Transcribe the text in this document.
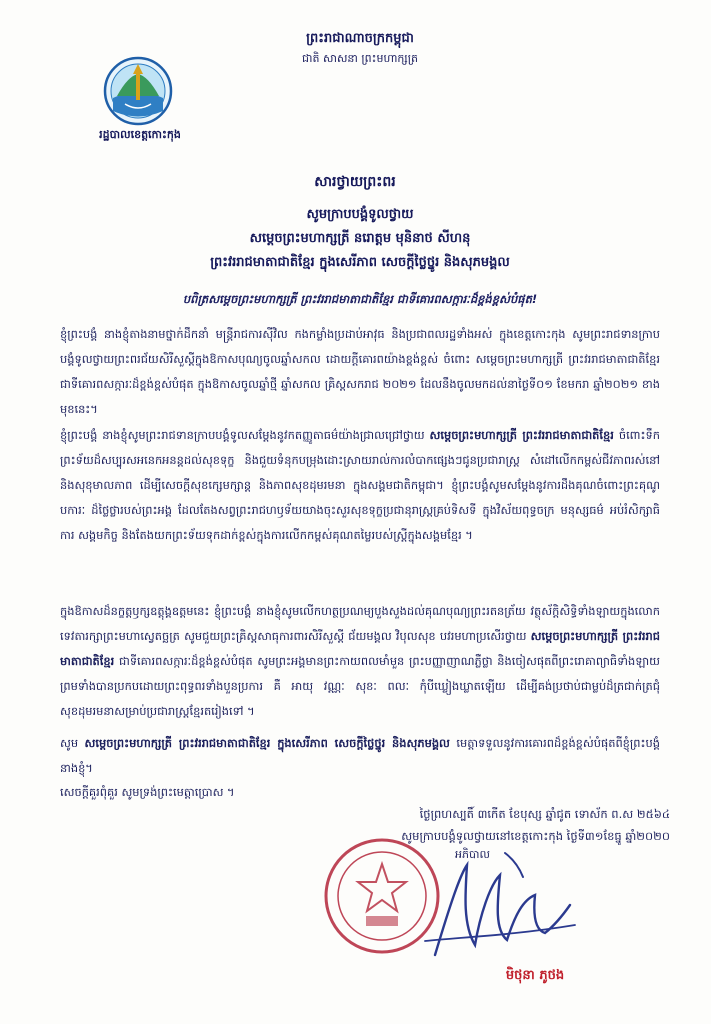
ព្រះរាជាណាចក្រកម្ពុជា
ជាតិ សាសនា ព្រះមហាក្សត្រ
រដ្ឋបាលខេត្តកោះកុង
សារថ្វាយព្រះពរ
សូមក្រាបបង្គំទូលថ្វាយ
សម្តេចព្រះមហាក្សត្រី នរោត្តម មុនិនាថ សីហនុ
ព្រះវររាជមាតាជាតិខ្មែរ ក្នុងសេរីភាព សេចក្តីថ្លៃថ្នូរ និងសុភមង្គល
បពិត្រសម្តេចព្រះមហាក្សត្រី ព្រះវររាជមាតាជាតិខ្មែរ ជាទីគោរពសក្ការៈដ៏ខ្ពង់ខ្ពស់បំផុត!
ខ្ញុំព្រះបង្គំ នាងខ្ញុំតាងនាមថ្នាក់ដឹកនាំ មន្ត្រីរាជការស៊ីវិល កងកម្លាំងប្រដាប់អាវុធ និងប្រជាពលរដ្ឋទាំងអស់ ក្នុងខេត្តកោះកុង សូមព្រះរាជទានក្រាបបង្គំទូលថ្វាយព្រះពរជ័យសិរីសួស្តីក្នុងឱកាសបុណ្យចូលឆ្នាំសកល ដោយក្ដីគោរពយ៉ាងខ្ពង់ខ្ពស់ ចំពោះ សម្តេចព្រះមហាក្សត្រី ព្រះវររាជមាតាជាតិខ្មែរ ជាទីគោរពសក្ការៈដ៏ខ្ពង់ខ្ពស់បំផុត ក្នុងឱកាសចូលឆ្នាំថ្មី ឆ្នាំសកល គ្រិស្តសករាជ ២០២១ ដែលនឹងចូលមកដល់នាថ្ងៃទី០១ ខែមករា ឆ្នាំ២០២១ ខាងមុខនេះ។
ខ្ញុំព្រះបង្គំ នាងខ្ញុំសូមព្រះរាជទានក្រាបបង្គំទូលសម្តែងនូវកតញ្ញូតាធម៌យ៉ាងជ្រាលជ្រៅថ្វាយ សម្តេចព្រះមហាក្សត្រី ព្រះវររាជមាតាជាតិខ្មែរ ចំពោះទឹកព្រះទ័យដ៏សប្បុរសអនេកអនន្តដល់សុខទុក្ខ និងជួយទំនុកបម្រុងដោះស្រាយរាល់ការលំបាកផ្សេងៗជូនប្រជារាស្ត្រ សំដៅលើកកម្ពស់ជីវភាពរស់នៅ និងសុខុមាលភាព ដើម្បីសេចក្តីសុខក្សេមក្សាន្ត និងភាពសុខដុមរមនា ក្នុងសង្គមជាតិកម្ពុជា។ ខ្ញុំព្រះបង្គំសូមសម្តែងនូវការដឹងគុណចំពោះព្រះគុណូបការៈ ដ៏ថ្លៃថ្លារបស់ព្រះអង្គ ដែលតែងសព្វព្រះរាជហឫទ័យយាងចុះសួរសុខទុក្ខប្រជានុរាស្ត្រគ្រប់ទិសទី ក្នុងវិស័យពុទ្ធចក្រ មនុស្សធម៌ អប់រំសិក្សាធិការ សង្គមកិច្ច និងតែងយកព្រះទ័យទុកដាក់ខ្ពស់ក្នុងការលើកកម្ពស់គុណតម្លៃរបស់ស្ត្រីក្នុងសង្គមខ្មែរ ។
ក្នុងឱកាសដ៏នក្ខត្តឫក្សឧត្តុង្គឧត្តមនេះ ខ្ញុំព្រះបង្គំ នាងខ្ញុំសូមលើកហត្ថប្រណម្យបួងសួងដល់គុណបុណ្យព្រះរតនត្រ័យ វត្ថុស័ក្តិសិទ្ធិទាំងឡាយក្នុងលោក ទេវតារក្សាព្រះមហាស្វេតច្ឆត្រ សូមជួយព្រះគ្រិស្តសាធុការពារសិរីសួស្តី ជ័យមង្គល វិបុលសុខ បវរមហាប្រសើរថ្វាយ សម្តេចព្រះមហាក្សត្រី ព្រះវររាជមាតាជាតិខ្មែរ ជាទីគោរពសក្ការៈដ៏ខ្ពង់ខ្ពស់បំផុត សូមព្រះអង្គមានព្រះកាយពលមាំមួន ព្រះបញ្ញាញាណភ្លឺថ្លា និងចៀសផុតពីព្រះរោគាព្យាធិទាំងឡាយ ព្រមទាំងបានប្រកបដោយព្រះពុទ្ធពរទាំងបួនប្រការ គឺ អាយុ វណ្ណៈ សុខៈ ពលៈ កុំបីឃ្លៀងឃ្លាតឡើយ ដើម្បីគង់ប្រថាប់ជាម្លប់ដ៏ត្រជាក់ត្រជុំសុខដុមរមនាសម្រាប់ប្រជារាស្ត្រខ្មែរតរៀងទៅ ។
សូម សម្តេចព្រះមហាក្សត្រី ព្រះវររាជមាតាជាតិខ្មែរ ក្នុងសេរីភាព សេចក្តីថ្លៃថ្នូរ និងសុភមង្គល មេត្តាទទួលនូវការគោរពដ៏ខ្ពង់ខ្ពស់បំផុតពីខ្ញុំព្រះបង្គំនាងខ្ញុំ។
សេចក្តីគួរពុំគួរ សូមទ្រង់ព្រះមេត្តាប្រោស ។
ថ្ងៃព្រហស្បតិ៍ ៣កើត ខែបុស្ស ឆ្នាំជូត ទោស័ក ព.ស ២៥៦៤
សូមក្រាបបង្គំទូលថ្វាយនៅខេត្តកោះកុង ថ្ងៃទី៣១ខែធ្នូ ឆ្នាំ២០២០
អភិបាល
មិថុនា ភូថង
